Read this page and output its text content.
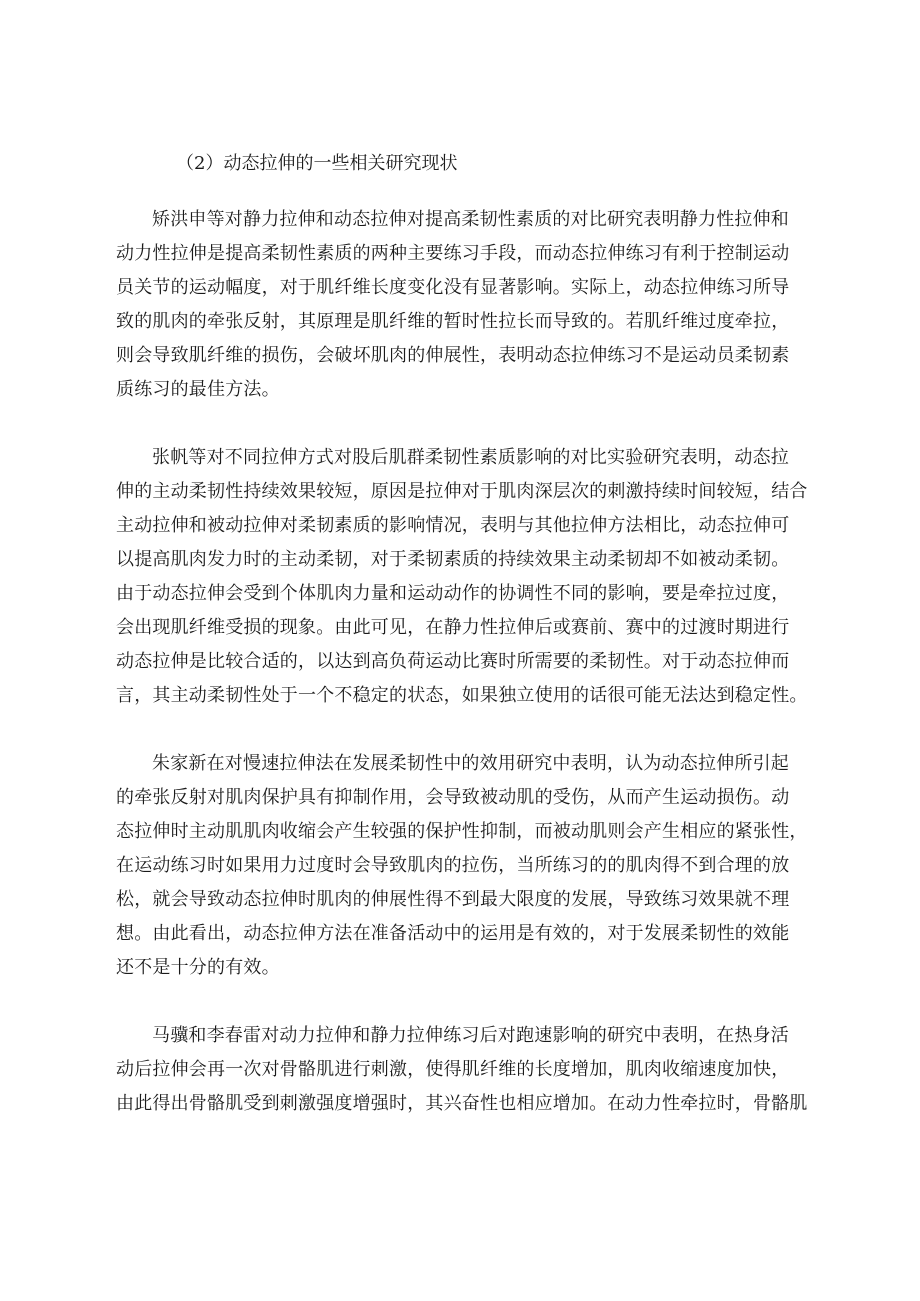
（2）动态拉伸的一些相关研究现状

矫洪申等对静力拉伸和动态拉伸对提高柔韧性素质的对比研究表明静力性拉伸和
动力性拉伸是提高柔韧性素质的两种主要练习手段，而动态拉伸练习有利于控制运动
员关节的运动幅度，对于肌纤维长度变化没有显著影响。实际上，动态拉伸练习所导
致的肌肉的牵张反射，其原理是肌纤维的暂时性拉长而导致的。若肌纤维过度牵拉，
则会导致肌纤维的损伤，会破坏肌肉的伸展性，表明动态拉伸练习不是运动员柔韧素
质练习的最佳方法。
张帆等对不同拉伸方式对股后肌群柔韧性素质影响的对比实验研究表明，动态拉
伸的主动柔韧性持续效果较短，原因是拉伸对于肌肉深层次的刺激持续时间较短，结合
主动拉伸和被动拉伸对柔韧素质的影响情况，表明与其他拉伸方法相比，动态拉伸可
以提高肌肉发力时的主动柔韧，对于柔韧素质的持续效果主动柔韧却不如被动柔韧。
由于动态拉伸会受到个体肌肉力量和运动动作的协调性不同的影响，要是牵拉过度，
会出现肌纤维受损的现象。由此可见，在静力性拉伸后或赛前、赛中的过渡时期进行
动态拉伸是比较合适的，以达到高负荷运动比赛时所需要的柔韧性。对于动态拉伸而
言，其主动柔韧性处于一个不稳定的状态，如果独立使用的话很可能无法达到稳定性。
朱家新在对慢速拉伸法在发展柔韧性中的效用研究中表明，认为动态拉伸所引起
的牵张反射对肌肉保护具有抑制作用，会导致被动肌的受伤，从而产生运动损伤。动
态拉伸时主动肌肌肉收缩会产生较强的保护性抑制，而被动肌则会产生相应的紧张性，
在运动练习时如果用力过度时会导致肌肉的拉伤，当所练习的的肌肉得不到合理的放
松，就会导致动态拉伸时肌肉的伸展性得不到最大限度的发展，导致练习效果就不理
想。由此看出，动态拉伸方法在准备活动中的运用是有效的，对于发展柔韧性的效能
还不是十分的有效。
马骥和李春雷对动力拉伸和静力拉伸练习后对跑速影响的研究中表明，在热身活
动后拉伸会再一次对骨骼肌进行刺激，使得肌纤维的长度增加，肌肉收缩速度加快，
由此得出骨骼肌受到刺激强度增强时，其兴奋性也相应增加。在动力性牵拉时，骨骼肌
